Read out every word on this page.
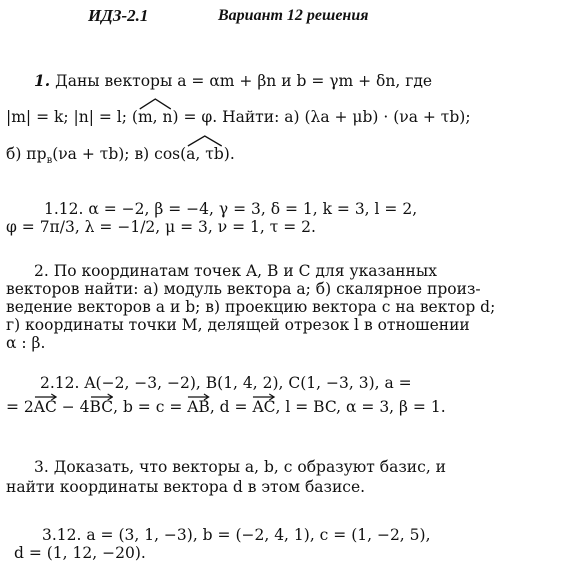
ИДЗ-2.1	Вариант 12 решения
1. Даны векторы a = αm + βn и b = γm + δn, где
|m| = k; |n| = l; (
m, n) = φ. Найти: а) (λa + μb) · (νa + τb);
б) $пр_в(\nu a + \tau b)$; в) cos(
a, τb).
1.12. α = −2, β = −4, γ = 3, δ = 1, k = 3, l = 2,
φ = 7π/3, λ = −1/2, μ = 3, ν = 1, τ = 2.
2. По координатам точек A, B и C для указанных
векторов найти: а) модуль вектора a; б) скалярное произ-
ведение векторов a и b; в) проекцию вектора c на вектор d;
г) координаты точки M, делящей отрезок l в отношении
α : β.
2.12. A(−2, −3, −2), B(1, 4, 2), C(1, −3, 3), a =
= 2
AC − 4
BC, b = c =
AB, d =
AC, l = BC, α = 3, β = 1.
3. Доказать, что векторы a, b, c образуют базис, и
найти координаты вектора d в этом базисе.
3.12. a = (3, 1, −3), b = (−2, 4, 1), c = (1, −2, 5),
d = (1, 12, −20).
